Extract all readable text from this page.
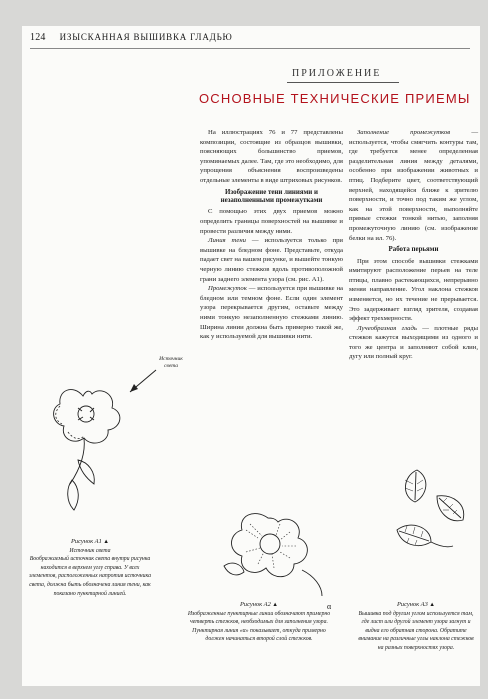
124 ИЗЫСКАННАЯ ВЫШИВКА ГЛАДЬЮ
ПРИЛОЖЕНИЕ
ОСНОВНЫЕ ТЕХНИЧЕСКИЕ ПРИЕМЫ

На иллюстрациях 76 и 77 представлены композиции, состоящие из образцов вышивки, поясняющих большинство приемов, упоминаемых далее. Там, где это необходимо, для упрощения объяснения воспроизведены отдельные элементы в виде штриховых рисунков.

Изображение тени линиями и незаполненными промежутками

С помощью этих двух приемов можно определить границы поверхностей на вышивке и провести различия между ними.

Линия тени — используется только при вышивке на бледном фоне. Представьте, откуда падает свет на вашем рисунке, и вышейте тонкую черную линию стежков вдоль противоположной грани заднего элемента узора (см. рис. А1).

Промежуток — используется при вышивке на бледном или темном фоне. Если один элемент узора перекрывается другим, оставьте между ними тонкую незаполненную стежками линию. Ширина линии должна быть примерно такой же, как у используемой для вышивки нити.

Заполнение промежутков — используется, чтобы смягчить контуры там, где требуется менее определенная разделительная линия между деталями, особенно при изображении животных и птиц. Подберите цвет, соответствующий верхней, находящейся ближе к зрителю поверхности, и точно под таким же углом, как на этой поверхности, выполняйте прямые стежки тонкой нитью, заполняя промежуточную линию (см. изображение белки на ил. 76).

Работа перьями

При этом способе вышивки стежками имитируют расположение перьев на теле птицы, плавно растекающихся, непрерывно меняя направление. Угол наклона стежков изменяется, но их течение не прерывается. Это задерживает взгляд зрителя, создавая эффект трехмерности.

Лучеобразная гладь — плотные ряды стежков кажутся выходящими из одного и того же центра и заполняют собой клин, дугу или полный круг.

Источник света
α
Рисунок А1 ▲
Источник света
Воображаемый источник света внутри рисунка находится в верхнем углу справа. У всех элементов, расположенных напротив источника света, должна быть обозначена линия тени, как показано пунктирной линией.
Рисунок А2 ▲
Изображенные пунктирные линии обозначают примерно четверть стежков, необходимых для заполнения узора. Пунктирная линия «α» показывает, откуда примерно должен начинаться второй слой стежков.
Рисунок А3 ▲
Вышивка под другим углом используется там, где лист или другой элемент узора загнут и видна его обратная сторона. Обратите внимание на различные углы наклона стежков на разных поверхностях узора.
